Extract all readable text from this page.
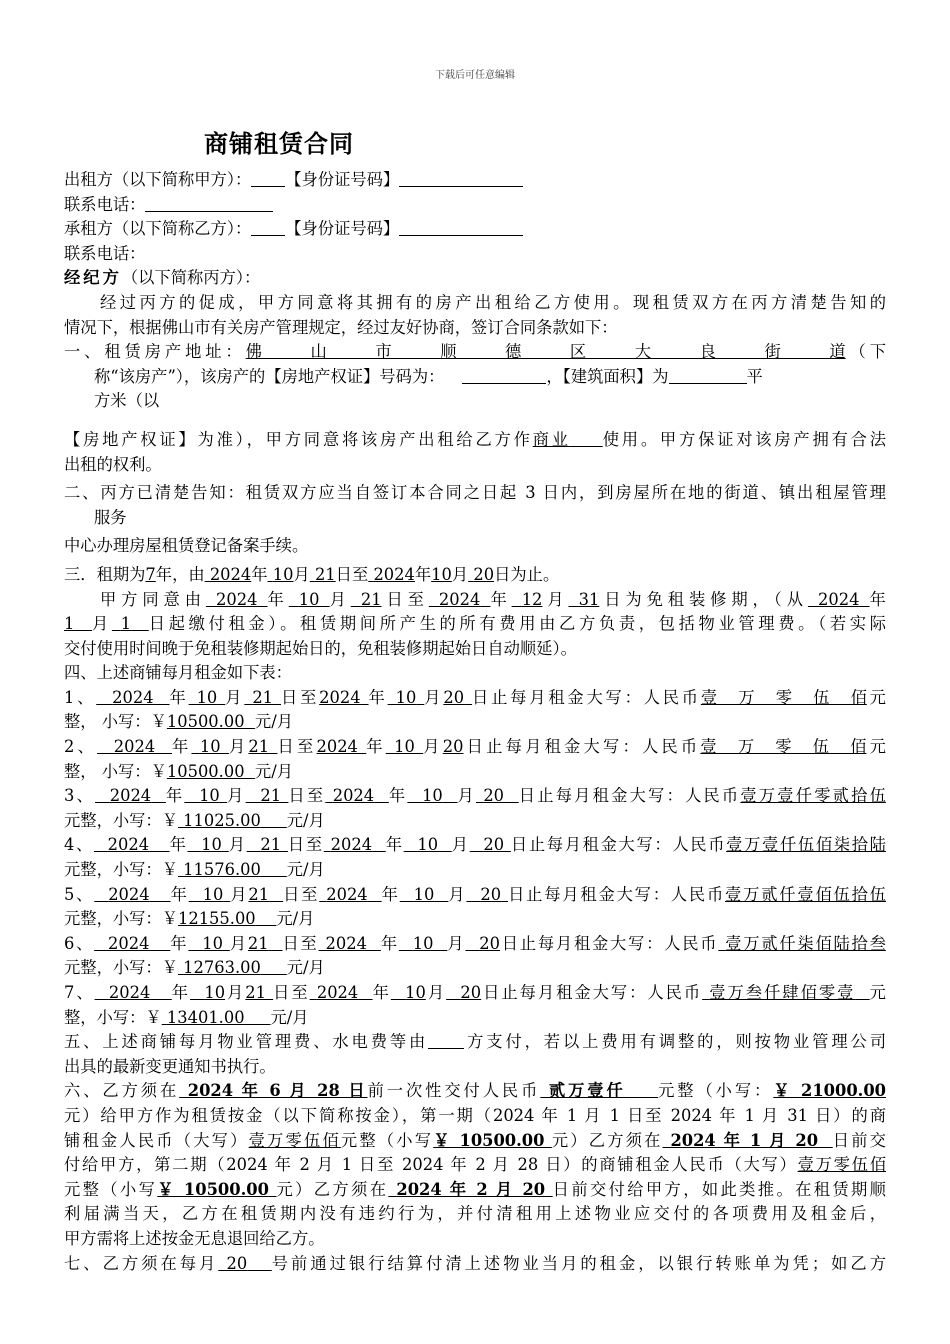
下载后可任意编辑
商铺租赁合同
出租方（以下简称甲方）： 【身份证号码】
联系电话：
承租方（以下简称乙方）： 【身份证号码】
联系电话：
经纪方（以下简称丙方）：
经过丙方的促成，甲方同意将其拥有的房产出租给乙方使用。现租赁双方在丙方清楚告知的
情况下，根据佛山市有关房产管理规定，经过友好协商，签订合同条款如下：
一、租赁房产地址：佛山市顺德区大良街道（下
称“该房产”），该房产的【房地产权证】号码为：	，【建筑面积】为	平
方米（以
【房地产权证】为准），甲方同意将该房产出租给乙方作商业 使用。甲方保证对该房产拥有合法
出租的权利。
二、丙方已清楚告知：租赁双方应当自签订本合同之日起 3 日内，到房屋所在地的街道、镇出租屋管理
服务
中心办理房屋租赁登记备案手续。
三．租期为7年，由 2024年 10月 21日至 2024年10月 20日为止。
甲方同意由 2024 年 10 月 21日至 2024 年 12月 31日为免租装修期，（从 2024 年
1 月 1 日起缴付租金）。租赁期间所产生的所有费用由乙方负责，包括物业管理费。（若实际
交付使用时间晚于免租装修期起始日的，免租装修期起始日自动顺延）。
四、上述商铺每月租金如下表：
1、 2024 年 10 月 21 日至2024 年 10 月20 日止每月租金大写：人民币壹万零伍佰元
整， 小写：￥10500.00 元/月
2、 2024 年 10 月21 日至2024 年 10 月20日止每月租金大写：人民币壹万零伍佰元
整， 小写：￥10500.00 元/月
3、 2024 年 10 月 21 日至 2024 年 10 月 20 日止每月租金大写：人民币壹万壹仟零贰拾伍
元整，小写：￥ 11025.00 元/月
4、 2024 年 10 月 21 日至 2024 年 10 月 20 日止每月租金大写：人民币壹万壹仟伍佰柒拾陆
元整，小写：￥ 11576.00 元/月
5、 2024 年 10 月21 日至 2024 年 10 月 20 日止每月租金大写：人民币壹万贰仟壹佰伍拾伍
元整，小写：￥12155.00 元/月
6、 2024 年 10 月21 日至 2024 年 10 月 20日止每月租金大写：人民币 壹万贰仟柒佰陆拾叁
元整，小写：￥ 12763.00 元/月
7、 2024 年 10月21 日至 2024 年 10月 20日止每月租金大写：人民币 壹万叁仟肆佰零壹 元
整，小写：￥ 13401.00 元/月
五、上述商铺每月物业管理费、水电费等由 方支付，若以上费用有调整的，则按物业管理公司
出具的最新变更通知书执行。
六、乙方须在 2024 年 6 月 28 日前一次性交付人民币 贰万壹仟 元整（小写：￥ 21000.00
元）给甲方作为租赁按金（以下简称按金），第一期（2024 年 1 月 1 日至 2024 年 1 月 31 日）的商
铺租金人民币（大写）壹万零伍佰元整（小写￥ 10500.00 元）乙方须在 2024 年 1 月 20 日前交
付给甲方，第二期（2024 年 2 月 1 日至 2024 年 2 月 28 日）的商铺租金人民币（大写）壹万零伍佰
元整（小写￥ 10500.00 元）乙方须在 2024 年 2 月 20 日前交付给甲方，如此类推。在租赁期顺
利届满当天，乙方在租赁期内没有违约行为，并付清租用上述物业应交付的各项费用及租金后，
甲方需将上述按金无息退回给乙方。
七、乙方须在每月 20 号前通过银行结算付清上述物业当月的租金，以银行转账单为凭；如乙方
